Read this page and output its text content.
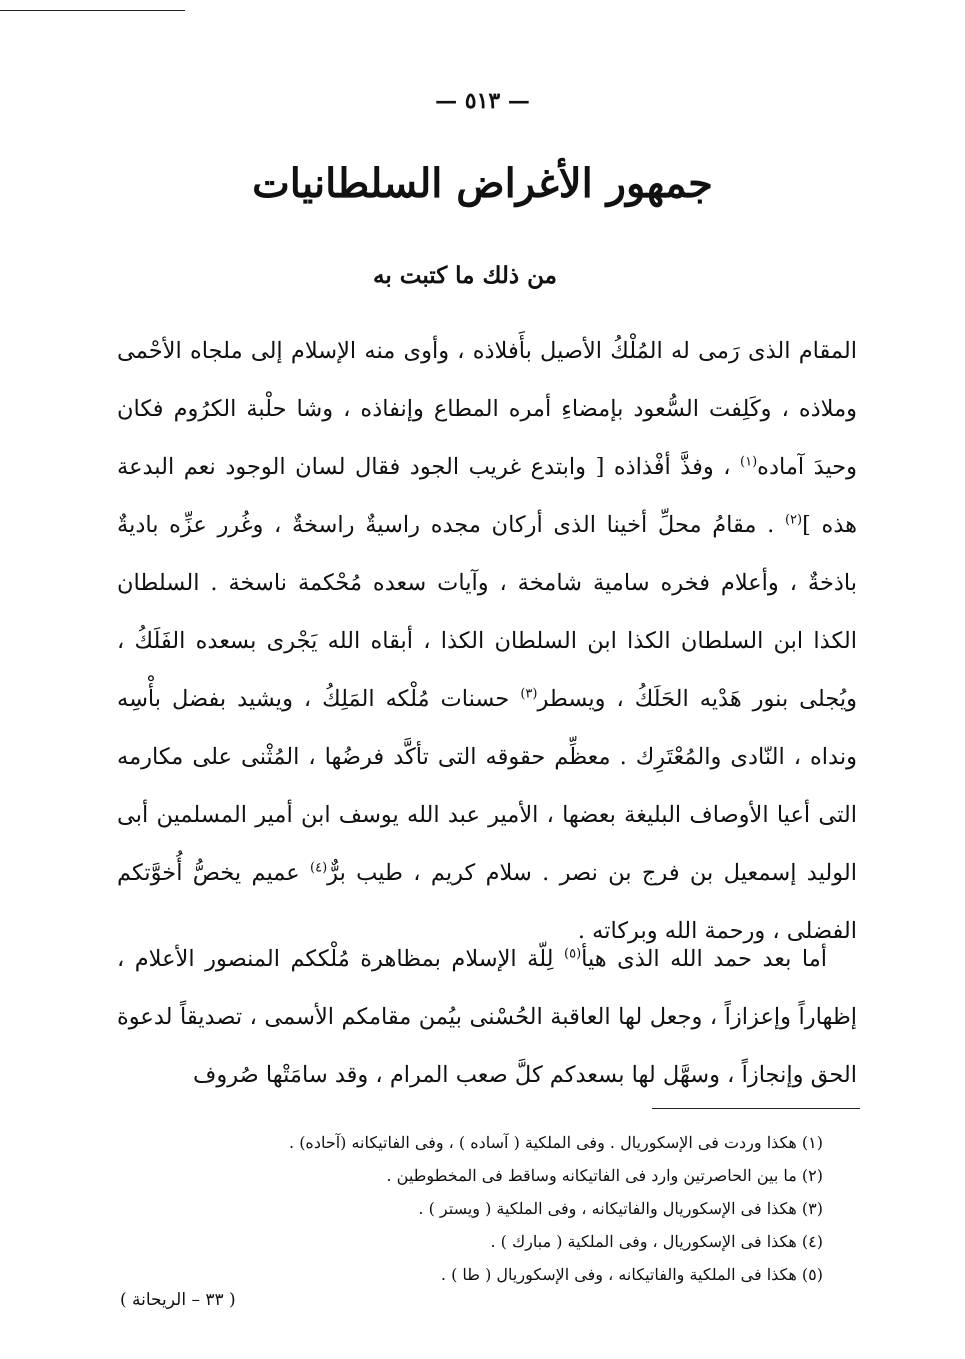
— ٥١٣ —
جمهور الأغراض السلطانيات
من ذلك ما كتبت به

المقام الذى رَمى له المُلْكُ الأصيل بأَفلاذه ، وأوى منه الإسلام إلى ملجاه الأحْمى وملاذه ، وكَلِفت السُّعود بإمضاءِ أمره المطاع وإنفاذه ، وشا حلْبة الكرُوم فكان وحيدَ آماده$^{(١)}$ ، وفذَّ أفْذاذه [ وابتدع غريب الجود فقال لسان الوجود نعم البدعة هذه ]$^{(٢)}$ . مقامُ محلِّ أخينا الذى أركان مجده راسيةٌ راسخةٌ ، وغُرر عزِّه باديةٌ باذخةٌ ، وأعلام فخره سامية شامخة ، وآيات سعده مُحْكمة ناسخة . السلطان الكذا ابن السلطان الكذا ابن السلطان الكذا ، أبقاه الله يَجْرى بسعده الفَلَكُ ، ويُجلى بنور هَدْيه الحَلَكُ ، ويسطر$^{(٣)}$ حسنات مُلْكه المَلِكُ ، ويشيد بفضل بأْسِه ونداه ، النّادى والمُعْتَرِك . معظِّم حقوقه التى تأكَّد فرضُها ، المُثْنى على مكارمه التى أعيا الأوصاف البليغة بعضها ، الأمير عبد الله يوسف ابن أمير المسلمين أبى الوليد إسمعيل بن فرج بن نصر . سلام كريم ، طيب برٌّ$^{(٤)}$ عميم يخصُّ أُخوَّتكم الفضلى ، ورحمة الله وبركاته .

أما بعد حمد الله الذى هيأ$^{(٥)}$ لِلّة الإسلام بمظاهرة مُلْككم المنصور الأعلام ، إظهاراً وإعزازاً ، وجعل لها العاقبة الحُسْنى بيُمن مقامكم الأسمى ، تصديقاً لدعوة الحق وإنجازاً ، وسهَّل لها بسعدكم كلَّ صعب المرام ، وقد سامَتْها صُروف

(١) هكذا وردت فى الإسكوريال . وفى الملكية ( آساده ) ، وفى الفاتيكانه (آحاده) .
(٢) ما بين الحاصرتين وارد فى الفاتيكانه وساقط فى المخطوطين .
(٣) هكذا فى الإسكوريال والفاتيكانه ، وفى الملكية ( ويستر ) .
(٤) هكذا فى الإسكوريال ، وفى الملكية ( مبارك ) .
(٥) هكذا فى الملكية والفاتيكانه ، وفى الإسكوريال ( طا ) .
( ٣٣ – الريحانة )
